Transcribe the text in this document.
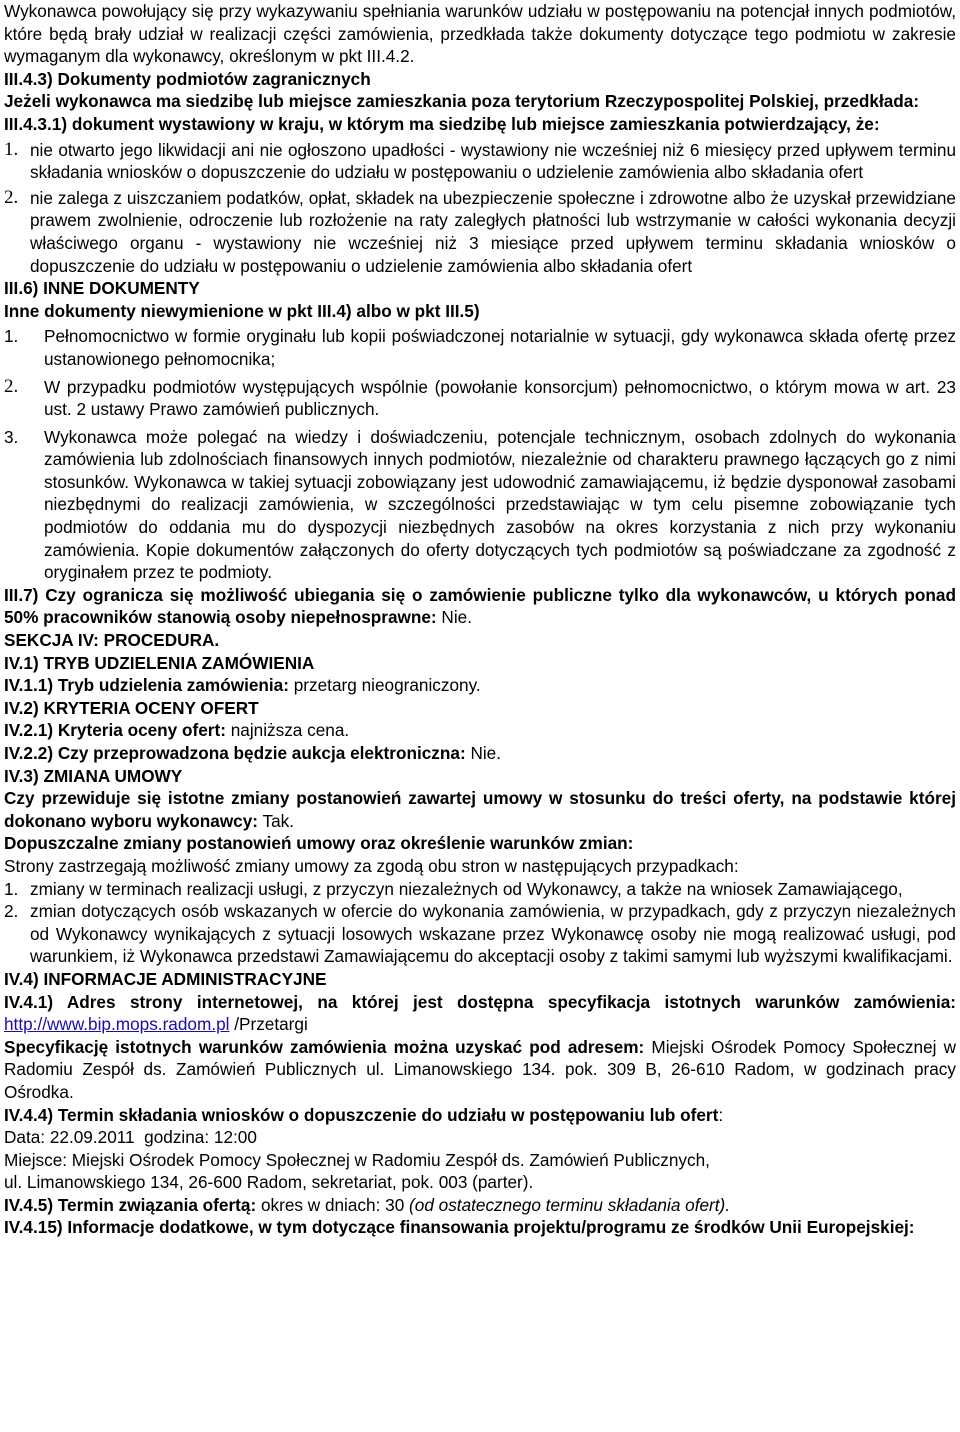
Wykonawca powołujący się przy wykazywaniu spełniania warunków udziału w postępowaniu na potencjał innych podmiotów, które będą brały udział w realizacji części zamówienia, przedkłada także dokumenty dotyczące tego podmiotu w zakresie wymaganym dla wykonawcy, określonym w pkt III.4.2.

III.4.3) Dokumenty podmiotów zagranicznych

Jeżeli wykonawca ma siedzibę lub miejsce zamieszkania poza terytorium Rzeczypospolitej Polskiej, przedkłada:

III.4.3.1) dokument wystawiony w kraju, w którym ma siedzibę lub miejsce zamieszkania potwierdzający, że:

1. nie otwarto jego likwidacji ani nie ogłoszono upadłości - wystawiony nie wcześniej niż 6 miesięcy przed upływem terminu składania wniosków o dopuszczenie do udziału w postępowaniu o udzielenie zamówienia albo składania ofert
2. nie zalega z uiszczaniem podatków, opłat, składek na ubezpieczenie społeczne i zdrowotne albo że uzyskał przewidziane prawem zwolnienie, odroczenie lub rozłożenie na raty zaległych płatności lub wstrzymanie w całości wykonania decyzji właściwego organu - wystawiony nie wcześniej niż 3 miesiące przed upływem terminu składania wniosków o dopuszczenie do udziału w postępowaniu o udzielenie zamówienia albo składania ofert

III.6) INNE DOKUMENTY

Inne dokumenty niewymienione w pkt III.4) albo w pkt III.5)

1. Pełnomocnictwo w formie oryginału lub kopii poświadczonej notarialnie w sytuacji, gdy wykonawca składa ofertę przez ustanowionego pełnomocnika;
2. W przypadku podmiotów występujących wspólnie (powołanie konsorcjum) pełnomocnictwo, o którym mowa w art. 23 ust. 2 ustawy Prawo zamówień publicznych.
3. Wykonawca może polegać na wiedzy i doświadczeniu, potencjale technicznym, osobach zdolnych do wykonania zamówienia lub zdolnościach finansowych innych podmiotów, niezależnie od charakteru prawnego łączących go z nimi stosunków. Wykonawca w takiej sytuacji zobowiązany jest udowodnić zamawiającemu, iż będzie dysponował zasobami niezbędnymi do realizacji zamówienia, w szczególności przedstawiając w tym celu pisemne zobowiązanie tych podmiotów do oddania mu do dyspozycji niezbędnych zasobów na okres korzystania z nich przy wykonaniu zamówienia. Kopie dokumentów załączonych do oferty dotyczących tych podmiotów są poświadczane za zgodność z oryginałem przez te podmioty.

III.7) Czy ogranicza się możliwość ubiegania się o zamówienie publiczne tylko dla wykonawców, u których ponad 50% pracowników stanowią osoby niepełnosprawne: Nie.

SEKCJA IV: PROCEDURA.

IV.1) TRYB UDZIELENIA ZAMÓWIENIA

IV.1.1) Tryb udzielenia zamówienia: przetarg nieograniczony.

IV.2) KRYTERIA OCENY OFERT

IV.2.1) Kryteria oceny ofert: najniższa cena.

IV.2.2) Czy przeprowadzona będzie aukcja elektroniczna: Nie.

IV.3) ZMIANA UMOWY

Czy przewiduje się istotne zmiany postanowień zawartej umowy w stosunku do treści oferty, na podstawie której dokonano wyboru wykonawcy: Tak.

Dopuszczalne zmiany postanowień umowy oraz określenie warunków zmian:

Strony zastrzegają możliwość zmiany umowy za zgodą obu stron w następujących przypadkach:

1. zmiany w terminach realizacji usługi, z przyczyn niezależnych od Wykonawcy, a także na wniosek Zamawiającego,
2. zmian dotyczących osób wskazanych w ofercie do wykonania zamówienia, w przypadkach, gdy z przyczyn niezależnych od Wykonawcy wynikających z sytuacji losowych wskazane przez Wykonawcę osoby nie mogą realizować usługi, pod warunkiem, iż Wykonawca przedstawi Zamawiającemu do akceptacji osoby z takimi samymi lub wyższymi kwalifikacjami.

IV.4) INFORMACJE ADMINISTRACYJNE

IV.4.1) Adres strony internetowej, na której jest dostępna specyfikacja istotnych warunków zamówienia: http://www.bip.mops.radom.pl /Przetargi

Specyfikację istotnych warunków zamówienia można uzyskać pod adresem: Miejski Ośrodek Pomocy Społecznej w Radomiu Zespół ds. Zamówień Publicznych ul. Limanowskiego 134. pok. 309 B, 26-610 Radom, w godzinach pracy Ośrodka.

IV.4.4) Termin składania wniosków o dopuszczenie do udziału w postępowaniu lub ofert:

Data: 22.09.2011  godzina: 12:00

Miejsce: Miejski Ośrodek Pomocy Społecznej w Radomiu Zespół ds. Zamówień Publicznych,

ul. Limanowskiego 134, 26-600 Radom, sekretariat, pok. 003 (parter).

IV.4.5) Termin związania ofertą: okres w dniach: 30 (od ostatecznego terminu składania ofert).

IV.4.15) Informacje dodatkowe, w tym dotyczące finansowania projektu/programu ze środków Unii Europejskiej:
